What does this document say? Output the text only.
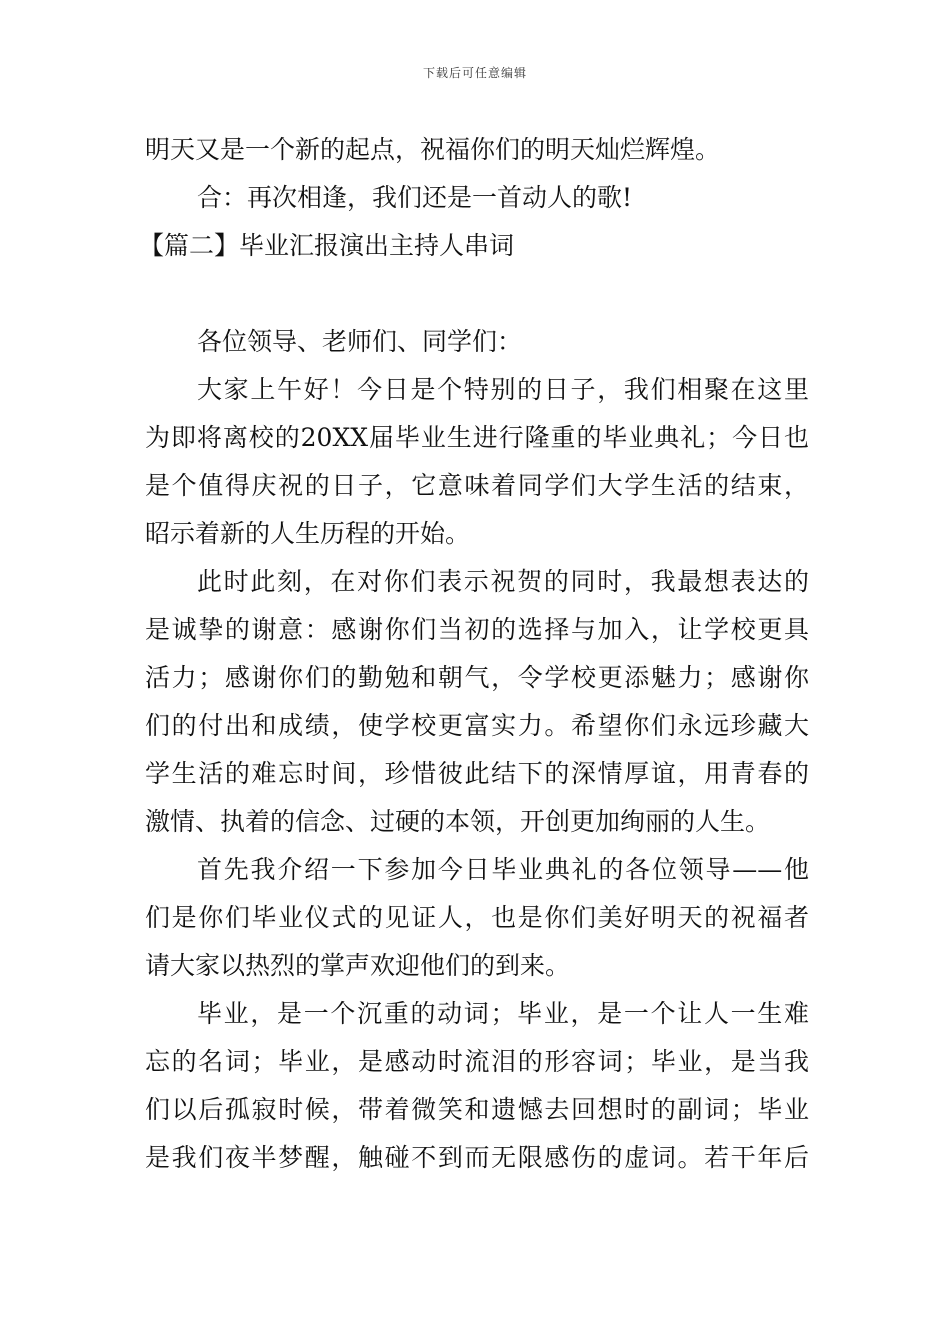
下载后可任意编辑

明天又是一个新的起点，祝福你们的明天灿烂辉煌。

合：再次相逢，我们还是一首动人的歌!

【篇二】毕业汇报演出主持人串词

各位领导、老师们、同学们：

大家上午好！今日是个特别的日子，我们相聚在这里

为即将离校的20XX届毕业生进行隆重的毕业典礼；今日也

是个值得庆祝的日子，它意味着同学们大学生活的结束，

昭示着新的人生历程的开始。

此时此刻，在对你们表示祝贺的同时，我最想表达的

是诚挚的谢意：感谢你们当初的选择与加入，让学校更具

活力；感谢你们的勤勉和朝气，令学校更添魅力；感谢你

们的付出和成绩，使学校更富实力。希望你们永远珍藏大

学生活的难忘时间，珍惜彼此结下的深情厚谊，用青春的

激情、执着的信念、过硬的本领，开创更加绚丽的人生。

首先我介绍一下参加今日毕业典礼的各位领导——他

们是你们毕业仪式的见证人，也是你们美好明天的祝福者

请大家以热烈的掌声欢迎他们的到来。

毕业，是一个沉重的动词；毕业，是一个让人一生难

忘的名词；毕业，是感动时流泪的形容词；毕业，是当我

们以后孤寂时候，带着微笑和遗憾去回想时的副词；毕业

是我们夜半梦醒，触碰不到而无限感伤的虚词。若干年后
